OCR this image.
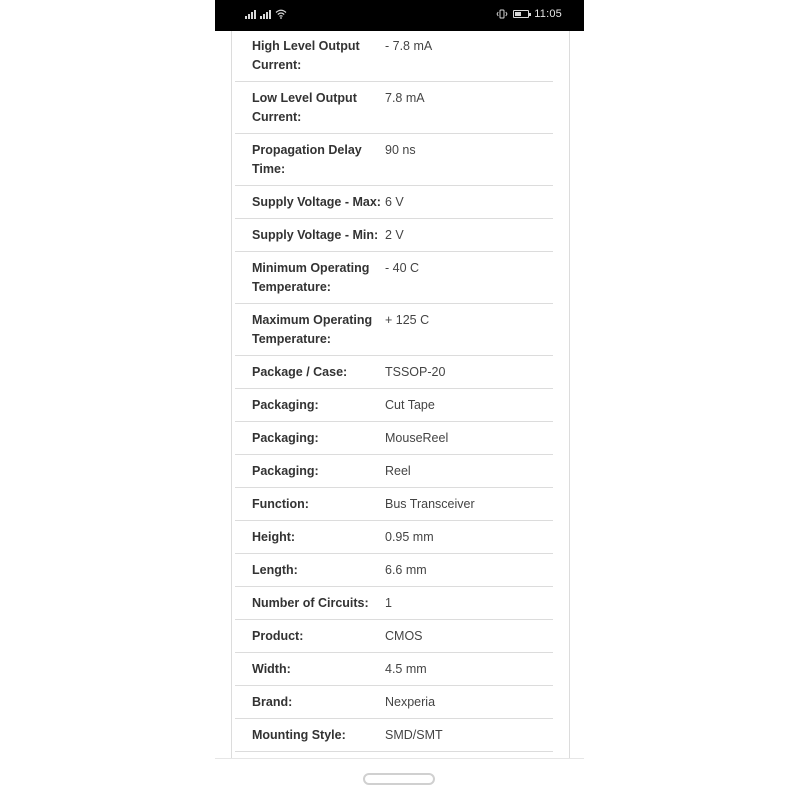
11:05
High Level Output Current:
- 7.8 mA
Low Level Output Current:
7.8 mA
Propagation Delay Time:
90 ns
Supply Voltage - Max: 6 V
Supply Voltage - Min: 2 V
Minimum Operating Temperature:
- 40 C
Maximum Operating Temperature:
+ 125 C
Package / Case:	TSSOP-20
Packaging:	Cut Tape
Packaging:	MouseReel
Packaging:	Reel
Function:	Bus Transceiver
Height:	0.95 mm
Length:	6.6 mm
Number of Circuits:	1
Product:	CMOS
Width:	4.5 mm
Brand:	Nexperia
Mounting Style:	SMD/SMT
